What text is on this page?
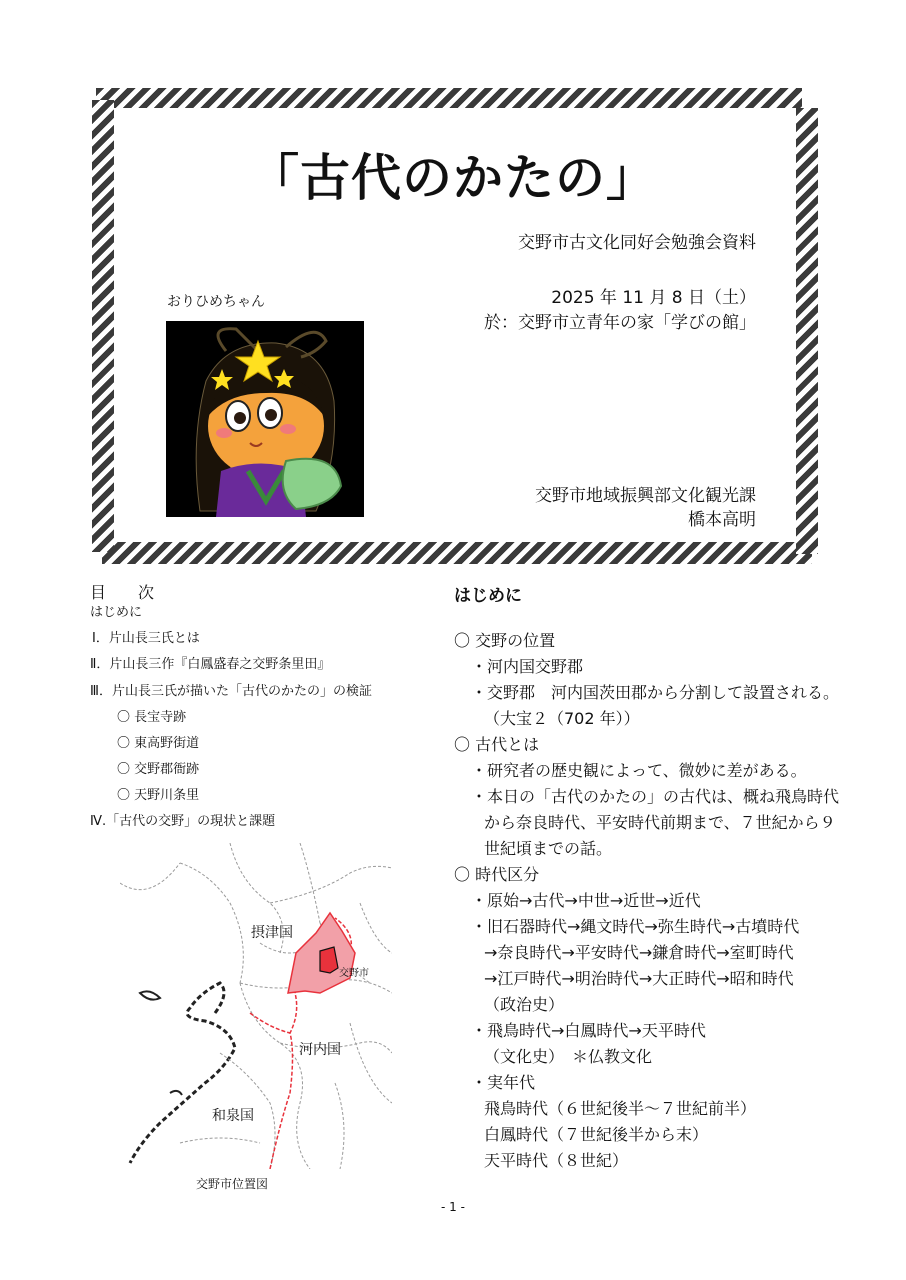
「古代のかたの」
交野市古文化同好会勉強会資料
2025 年 11 月 8 日（土）
於：交野市立青年の家「学びの館」
交野市地域振興部文化観光課
橋本高明
おりひめちゃん
目　　次
はじめに
Ⅰ．片山長三氏とは
Ⅱ．片山長三作『白鳳盛春之交野条里田』
Ⅲ．片山長三氏が描いた「古代のかたの」の検証
〇 長宝寺跡
〇 東高野街道
〇 交野郡衙跡
〇 天野川条里
Ⅳ.「古代の交野」の現状と課題
摂津国
交野市
河内国
和泉国
交野市位置図
はじめに
〇 交野の位置
・河内国交野郡
・交野郡　河内国茨田郡から分割して設置される。
（大宝２（702 年））
〇 古代とは
・研究者の歴史観によって、微妙に差がある。
・本日の「古代のかたの」の古代は、概ね飛鳥時代
から奈良時代、平安時代前期まで、７世紀から９
世紀頃までの話。
〇 時代区分
・原始→古代→中世→近世→近代
・旧石器時代→縄文時代→弥生時代→古墳時代
→奈良時代→平安時代→鎌倉時代→室町時代
→江戸時代→明治時代→大正時代→昭和時代
（政治史）
・飛鳥時代→白鳳時代→天平時代
（文化史）　＊仏教文化
・実年代
飛鳥時代（６世紀後半～７世紀前半）
白鳳時代（７世紀後半から末）
天平時代（８世紀）
- 1 -
